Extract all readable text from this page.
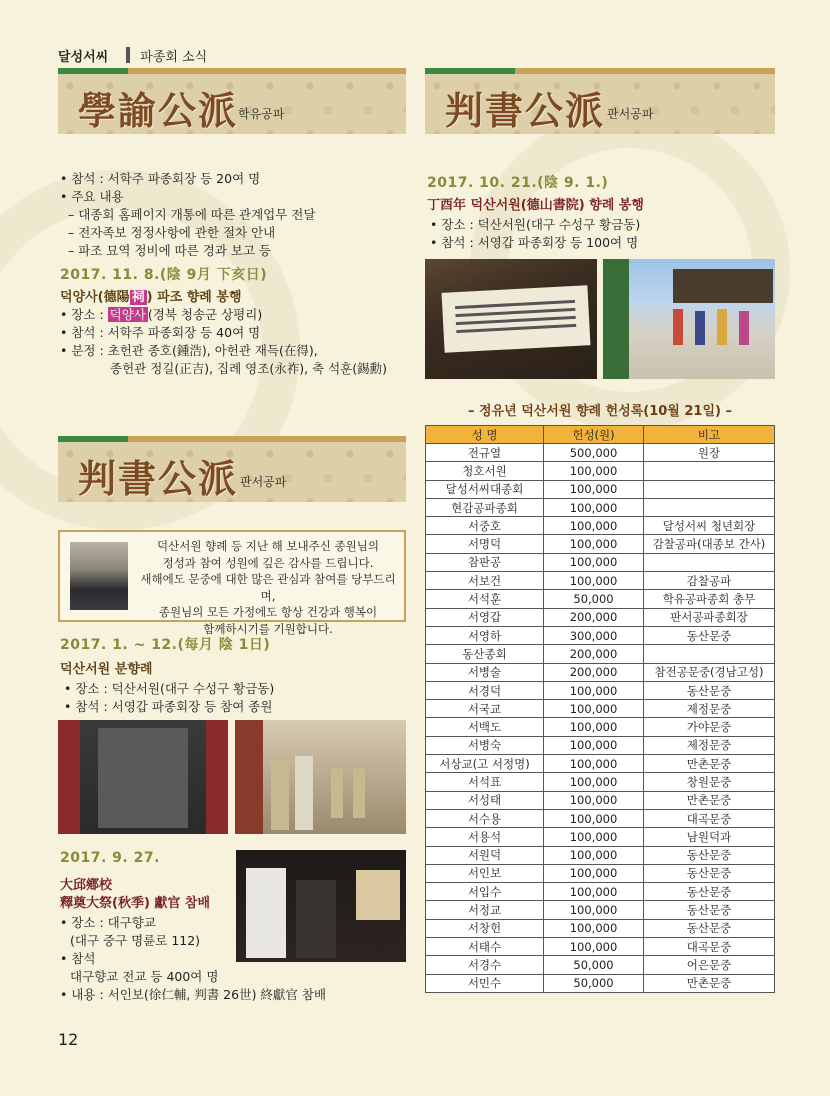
달성서씨 파종회 소식
學諭公派 학유공파	判書公派 판서공파
• 참석 : 서학주 파종회장 등 20여 명
• 주요 내용
– 대종회 홈페이지 개통에 따른 관계업무 전달
– 전자족보 정정사항에 관한 절차 안내
– 파조 묘역 정비에 따른 경과 보고 등
2017. 11. 8.(陰 9月 下亥日)
덕양사(德陽 祠 ) 파조 향례 봉행
• 장소 : 덕양사 (경북 청송군 상평리)
• 참석 : 서학주 파종회장 등 40여 명
• 분정 : 초헌관 종호(鍾浩), 아헌관 재득(在得),
종헌관 정길(正吉), 집례 영조(永祚), 축 석훈(錫勳)
2017. 10. 21.(陰 9. 1.)
丁酉年 덕산서원(德山書院) 향례 봉행
• 장소 : 덕산서원(대구 수성구 황금동)
• 참석 : 서영갑 파종회장 등 100여 명
– 정유년 덕산서원 향례 헌성록(10월 21일) –
성 명	헌성(원)	비고
전규열	500,000	원장
청호서원	100,000	
달성서씨대종회	100,000	
현감공파종회	100,000	
서중호	100,000	달성서씨 청년회장
서명덕	100,000	감찰공파(대종보 간사)
참판공	100,000	
서보건	100,000	감찰공파
서석훈	50,000	학유공파종회 총무
서영갑	200,000	판서공파종회장
서영하	300,000	동산문중
동산종회	200,000	
서병술	200,000	참전공문중(경남고성)
서경덕	100,000	동산문중
서국교	100,000	제정문중
서백도	100,000	가야문중
서병숙	100,000	제정문중
서상교(고 서정명)	100,000	만촌문중
서석표	100,000	창원문중
서성태	100,000	만촌문중
서수용	100,000	대곡문중
서용석	100,000	남원덕과
서원덕	100,000	동산문중
서인보	100,000	동산문중
서입수	100,000	동산문중
서정교	100,000	동산문중
서창헌	100,000	동산문중
서태수	100,000	대곡문중
서경수	50,000	어은문중
서민수	50,000	만촌문중
判書公派 판서공파
덕산서원 향례 등 지난 해 보내주신 종원님의
정성과 참여 성원에 깊은 감사를 드립니다.
새해에도 문중에 대한 많은 관심과 참여를 당부드리며,
종원님의 모든 가정에도 항상 건강과 행복이
함께하시기를 기원합니다.
2017. 1. ~ 12.(每月 陰 1日)
덕산서원 분향례
• 장소 : 덕산서원(대구 수성구 황금동)
• 참석 : 서영갑 파종회장 등 참여 종원
2017. 9. 27.
大邱鄕校
釋奠大祭(秋季) 獻官 참배
• 장소 : 대구향교
(대구 중구 명륜로 112)
• 참석
대구향교 전교 등 400여 명
• 내용 : 서인보(徐仁輔, 判書 26世) 終獻官 참배
12
